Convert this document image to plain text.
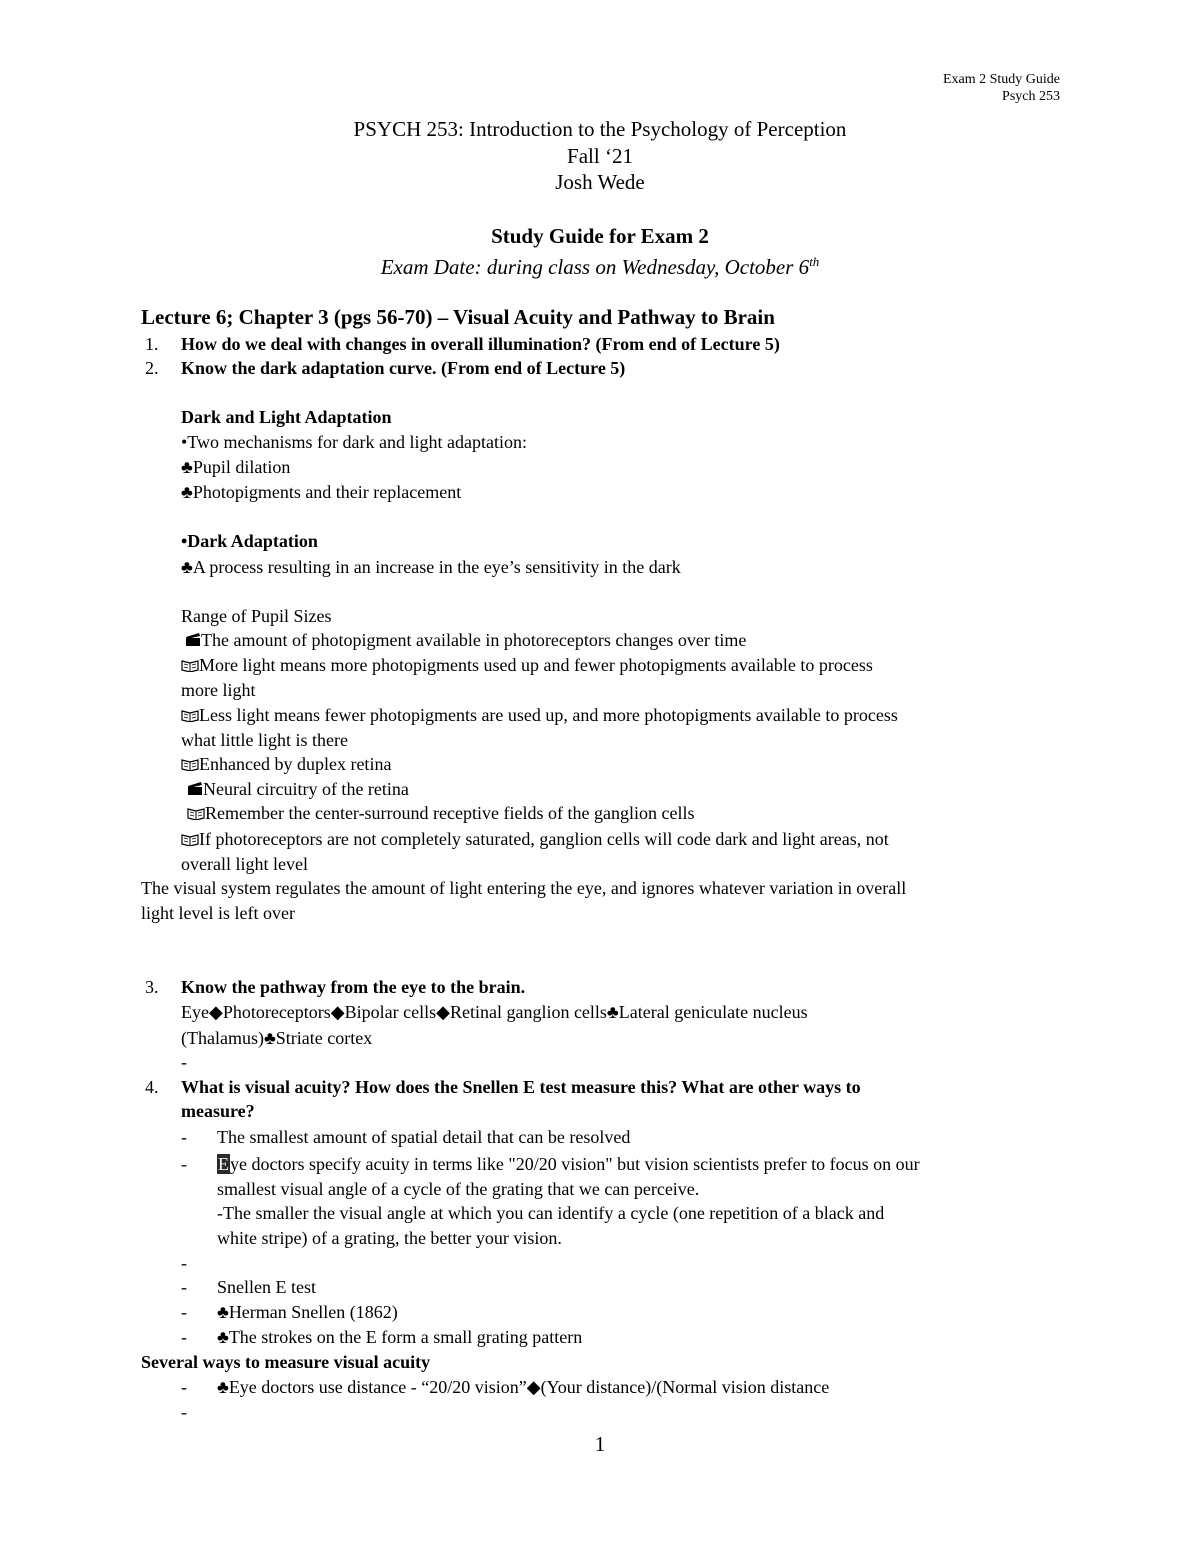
Exam 2 Study Guide
Psych 253
PSYCH 253: Introduction to the Psychology of Perception
Fall ‘21
Josh Wede
Study Guide for Exam 2
Exam Date: during class on Wednesday, October 6th
Lecture 6; Chapter 3 (pgs 56-70) – Visual Acuity and Pathway to Brain
1. How do we deal with changes in overall illumination? (From end of Lecture 5)
2. Know the dark adaptation curve. (From end of Lecture 5)
Dark and Light Adaptation
•Two mechanisms for dark and light adaptation:
♣Pupil dilation
♣Photopigments and their replacement
•Dark Adaptation
♣A process resulting in an increase in the eye’s sensitivity in the dark
Range of Pupil Sizes
The amount of photopigment available in photoreceptors changes over time
More light means more photopigments used up and fewer photopigments available to process
more light
Less light means fewer photopigments are used up, and more photopigments available to process
what little light is there
Enhanced by duplex retina
Neural circuitry of the retina
Remember the center-surround receptive fields of the ganglion cells
If photoreceptors are not completely saturated, ganglion cells will code dark and light areas, not
overall light level
The visual system regulates the amount of light entering the eye, and ignores whatever variation in overall
light level is left over
3. Know the pathway from the eye to the brain.
Eye◆Photoreceptors◆Bipolar cells◆Retinal ganglion cells♣Lateral geniculate nucleus
(Thalamus)♣Striate cortex
-
4. What is visual acuity? How does the Snellen E test measure this? What are other ways to
measure?
- The smallest amount of spatial detail that can be resolved
- Eye doctors specify acuity in terms like "20/20 vision" but vision scientists prefer to focus on our
smallest visual angle of a cycle of the grating that we can perceive.
-The smaller the visual angle at which you can identify a cycle (one repetition of a black and
white stripe) of a grating, the better your vision.
-
- Snellen E test
- ♣Herman Snellen (1862)
- ♣The strokes on the E form a small grating pattern
Several ways to measure visual acuity
- ♣Eye doctors use distance - “20/20 vision”◆(Your distance)/(Normal vision distance
-
1
